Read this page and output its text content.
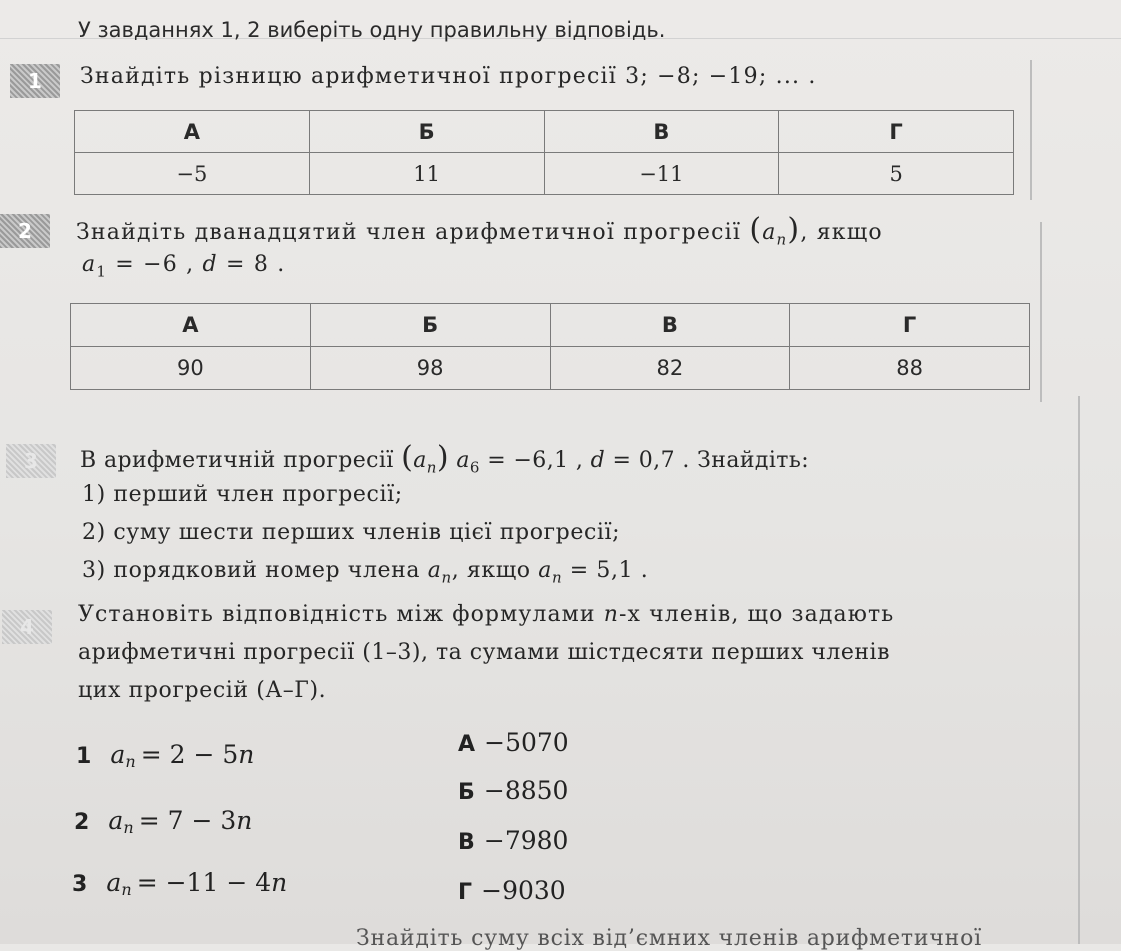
У завданнях 1, 2 виберіть одну правильну відповідь.
1	Знайдіть різницю арифметичної прогресії 3; −8; −19; ... .
А	Б	В	Г
−5	11	−11	5
2	Знайдіть дванадцятий член арифметичної прогресії $(a_n)$, якщо
$a_1 = -6$ , d = 8 .
А	Б	В	Г
90	98	82	88
3	В арифметичній прогресії $(a_n) a_6 = -6,1$ , d = 0,7 . Знайдіть:
1) перший член прогресії;
2) суму шести перших членів цієї прогресії;
3) порядковий номер члена $a_n$, якщо $a_n = 5,1$ .
4	Установіть відповідність між формулами n-х членів, що задають
арифметичні прогресії (1–3), та сумами шістдесяти перших членів
цих прогресій (А–Г).
1 $a_n = 2 - 5n$
2 $a_n = 7 - 3n$
3 $a_n = -11 - 4n$
А −5070
Б −8850
В −7980
Г −9030
Знайдіть суму всіх від’ємних членів арифметичної
